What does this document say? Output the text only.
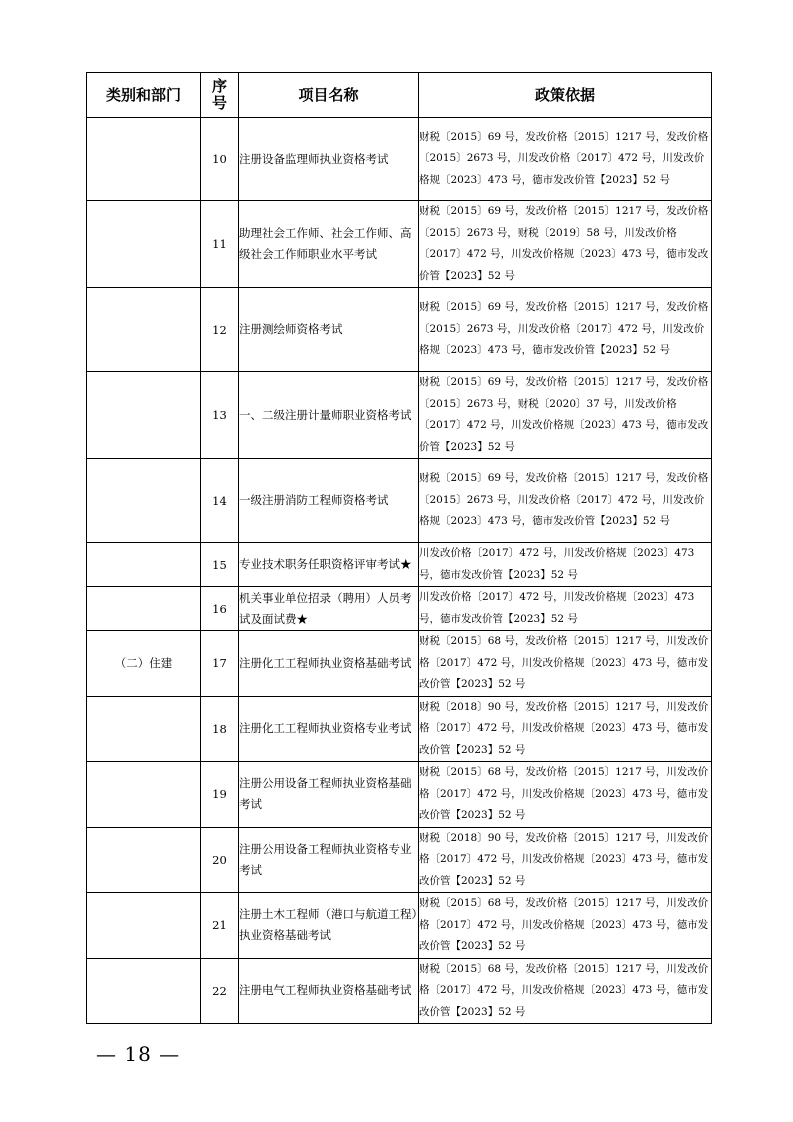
类别和部门	序号	项目名称	政策依据
	10	注册设备监理师执业资格考试	财税〔2015〕69 号，发改价格〔2015〕1217 号，发改价格〔2015〕2673 号，川发改价格〔2017〕472 号，川发改价格规〔2023〕473 号，德市发改价管【2023】52 号
	11	助理社会工作师、社会工作师、高级社会工作师职业水平考试	财税〔2015〕69 号，发改价格〔2015〕1217 号，发改价格〔2015〕2673 号，财税〔2019〕58 号，川发改价格〔2017〕472 号，川发改价格规〔2023〕473 号，德市发改价管【2023】52 号
	12	注册测绘师资格考试	财税〔2015〕69 号，发改价格〔2015〕1217 号，发改价格〔2015〕2673 号，川发改价格〔2017〕472 号，川发改价格规〔2023〕473 号，德市发改价管【2023】52 号
	13	一、二级注册计量师职业资格考试	财税〔2015〕69 号，发改价格〔2015〕1217 号，发改价格〔2015〕2673 号，财税〔2020〕37 号，川发改价格〔2017〕472 号，川发改价格规〔2023〕473 号，德市发改价管【2023】52 号
	14	一级注册消防工程师资格考试	财税〔2015〕69 号，发改价格〔2015〕1217 号，发改价格〔2015〕2673 号，川发改价格〔2017〕472 号，川发改价格规〔2023〕473 号，德市发改价管【2023】52 号
	15	专业技术职务任职资格评审考试★	川发改价格〔2017〕472 号，川发改价格规〔2023〕473 号，德市发改价管【2023】52 号
	16	机关事业单位招录（聘用）人员考试及面试费★	川发改价格〔2017〕472 号，川发改价格规〔2023〕473 号，德市发改价管【2023】52 号
（二）住建	17	注册化工工程师执业资格基础考试	财税〔2015〕68 号，发改价格〔2015〕1217 号，川发改价格〔2017〕472 号，川发改价格规〔2023〕473 号，德市发改价管【2023】52 号
	18	注册化工工程师执业资格专业考试	财税〔2018〕90 号，发改价格〔2015〕1217 号，川发改价格〔2017〕472 号，川发改价格规〔2023〕473 号，德市发改价管【2023】52 号
	19	注册公用设备工程师执业资格基础考试	财税〔2015〕68 号，发改价格〔2015〕1217 号，川发改价格〔2017〕472 号，川发改价格规〔2023〕473 号，德市发改价管【2023】52 号
	20	注册公用设备工程师执业资格专业考试	财税〔2018〕90 号，发改价格〔2015〕1217 号，川发改价格〔2017〕472 号，川发改价格规〔2023〕473 号，德市发改价管【2023】52 号
	21	注册土木工程师（港口与航道工程）执业资格基础考试	财税〔2015〕68 号，发改价格〔2015〕1217 号，川发改价格〔2017〕472 号，川发改价格规〔2023〕473 号，德市发改价管【2023】52 号
	22	注册电气工程师执业资格基础考试	财税〔2015〕68 号，发改价格〔2015〕1217 号，川发改价格〔2017〕472 号，川发改价格规〔2023〕473 号，德市发改价管【2023】52 号
— 18 —
